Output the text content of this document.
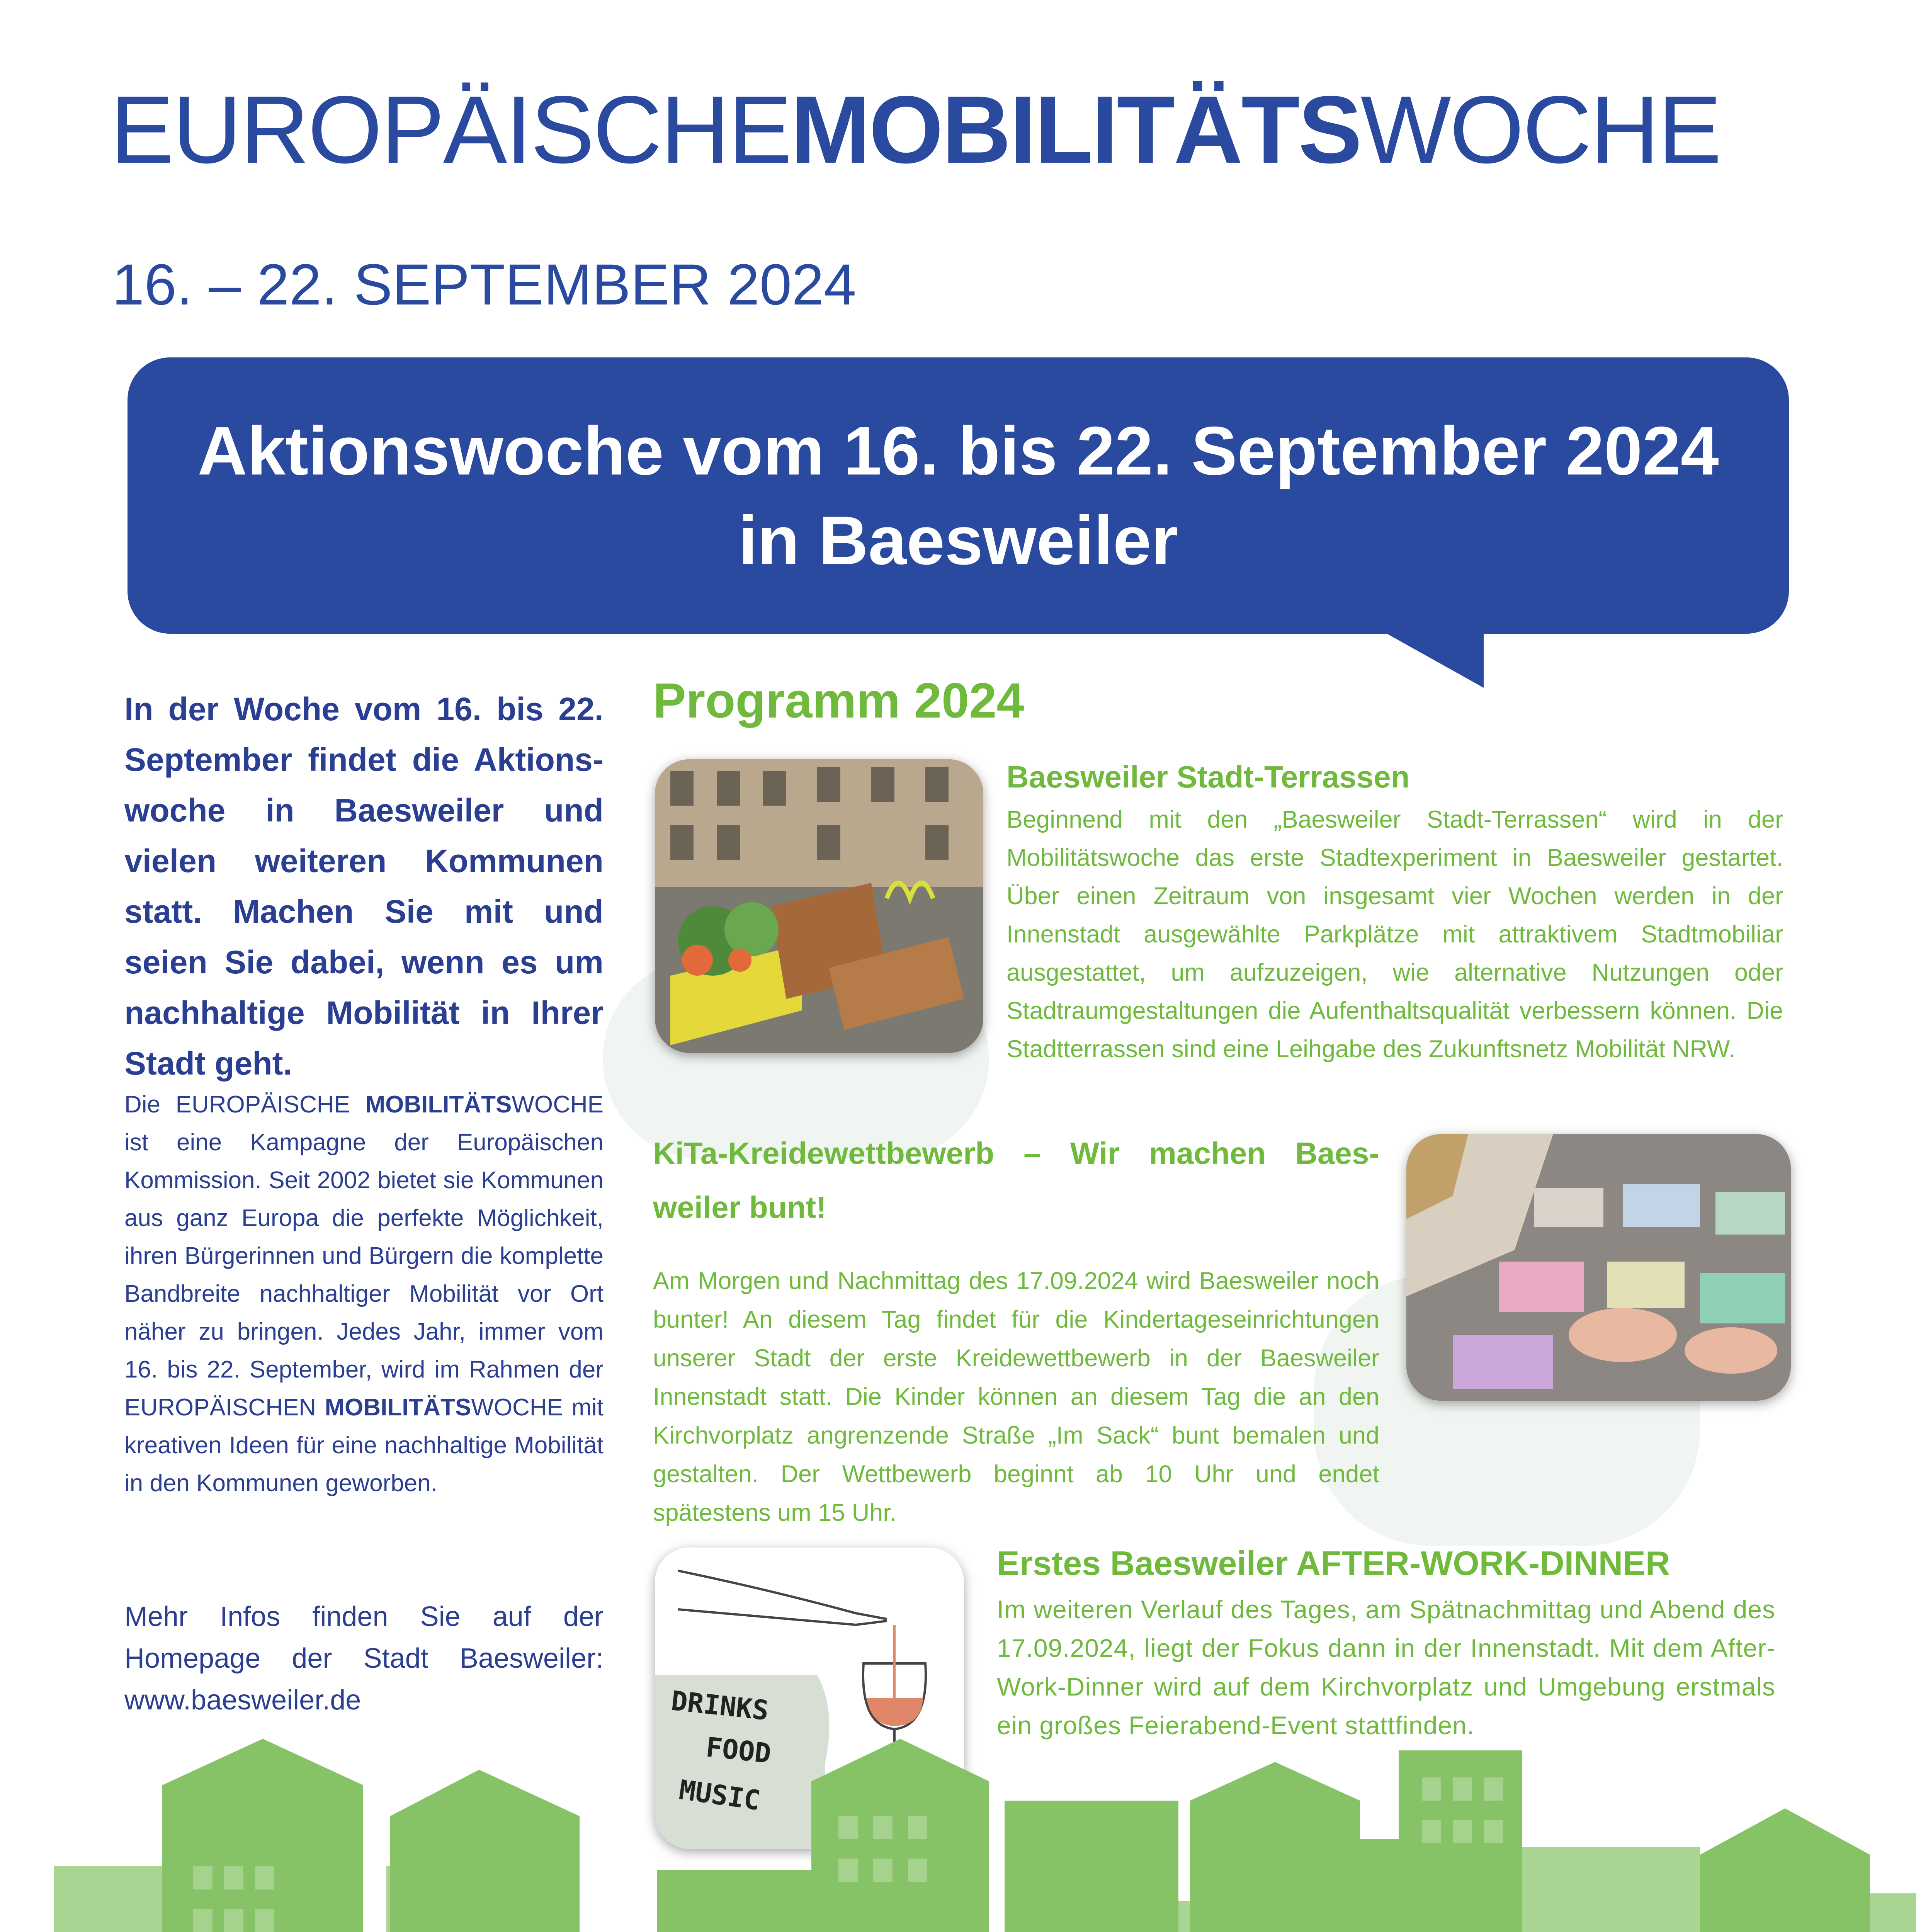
EUROPÄISCHEMOBILITÄTSWOCHE
16. – 22. SEPTEMBER 2024
Aktionswoche vom 16. bis 22. September 2024
in Baesweiler
In der Woche vom 16. bis 22. September findet die Aktions-woche in Baesweiler und vielen weiteren Kommunen statt. Machen Sie mit und seien Sie dabei, wenn es um nachhaltige Mobilität in Ihrer Stadt geht.
Die EUROPÄISCHE MOBILITÄTSWOCHE ist eine Kampagne der Europäischen Kommission. Seit 2002 bietet sie Kommunen aus ganz Europa die perfekte Möglichkeit, ihren Bürgerinnen und Bürgern die komplette Bandbreite nachhaltiger Mobilität vor Ort näher zu bringen. Jedes Jahr, immer vom 16. bis 22. September, wird im Rahmen der EUROPÄISCHEN MOBILITÄTSWOCHE mit kreativen Ideen für eine nachhaltige Mobilität in den Kommunen geworben.
Mehr Infos finden Sie auf der Homepage der Stadt Baesweiler: www.baesweiler.de
Programm 2024
Baesweiler Stadt-Terrassen
Beginnend mit den „Baesweiler Stadt-Terrassen“ wird in der Mobilitätswoche das erste Stadtexperiment in Baesweiler gestartet. Über einen Zeitraum von insgesamt vier Wochen werden in der Innenstadt ausgewählte Parkplätze mit attraktivem Stadtmobiliar ausgestattet, um aufzuzeigen, wie alternative Nutzungen oder Stadtraumgestaltungen die Aufenthaltsqualität verbessern können. Die Stadtterrassen sind eine Leihgabe des Zukunftsnetz Mobilität NRW.
KiTa-Kreidewettbewerb – Wir machen Baes-weiler bunt!
Am Morgen und Nachmittag des 17.09.2024 wird Baesweiler noch bunter! An diesem Tag findet für die Kindertageseinrichtungen unserer Stadt der erste Kreidewettbewerb in der Baesweiler Innenstadt statt. Die Kinder können an diesem Tag die an den Kirchvorplatz angrenzende Straße „Im Sack“ bunt bemalen und gestalten. Der Wettbewerb beginnt ab 10 Uhr und endet spätestens um 15 Uhr.
DRINKS
FOOD
MUSIC
Erstes Baesweiler AFTER-WORK-DINNER
Im weiteren Verlauf des Tages, am Spätnachmittag und Abend des 17.09.2024, liegt der Fokus dann in der Innenstadt. Mit dem After-Work-Dinner wird auf dem Kirchvorplatz und Umgebung erstmals ein großes Feierabend-Event stattfinden.
